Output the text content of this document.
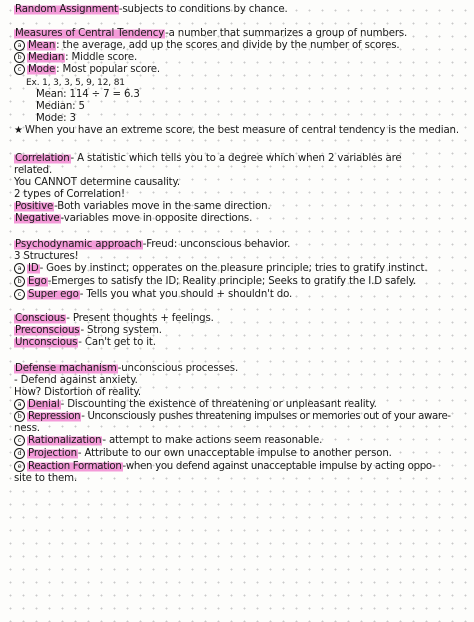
Random Assignment-subjects to conditions by chance.
Measures of Central Tendency-a number that summarizes a group of numbers.
a Mean: the average, add up the scores and divide by the number of scores.
b Median: Middle score.
c Mode: Most popular score.
Ex. 1, 3, 3, 5, 9, 12, 81
Mean: 114 ÷ 7 = 6.3
Median: 5
Mode: 3
★ When you have an extreme score, the best measure of central tendency is the median.
Correlation- A statistic which tells you to a degree which when 2 variables are
related.
You CANNOT determine causality.
2 types of Correlation!
Positive-Both variables move in the same direction.
Negative-variables move in opposite directions.
Psychodynamic approach-Freud: unconscious behavior.
3 Structures!
a ID- Goes by instinct; opperates on the pleasure principle; tries to gratify instinct.
b Ego-Emerges to satisfy the ID; Reality principle; Seeks to gratify the I.D safely.
c Super ego- Tells you what you should + shouldn't do.
Conscious- Present thoughts + feelings.
Preconscious- Strong system.
Unconscious- Can't get to it.
Defense machanism-unconscious processes.
- Defend against anxiety.
How? Distortion of reality.
a Denial- Discounting the existence of threatening or unpleasant reality.
b Repression- Unconsciously pushes threatening impulses or memories out of your aware-
ness.
c Rationalization- attempt to make actions seem reasonable.
d Projection- Attribute to our own unacceptable impulse to another person.
e Reaction Formation-when you defend against unacceptable impulse by acting oppo-
site to them.
